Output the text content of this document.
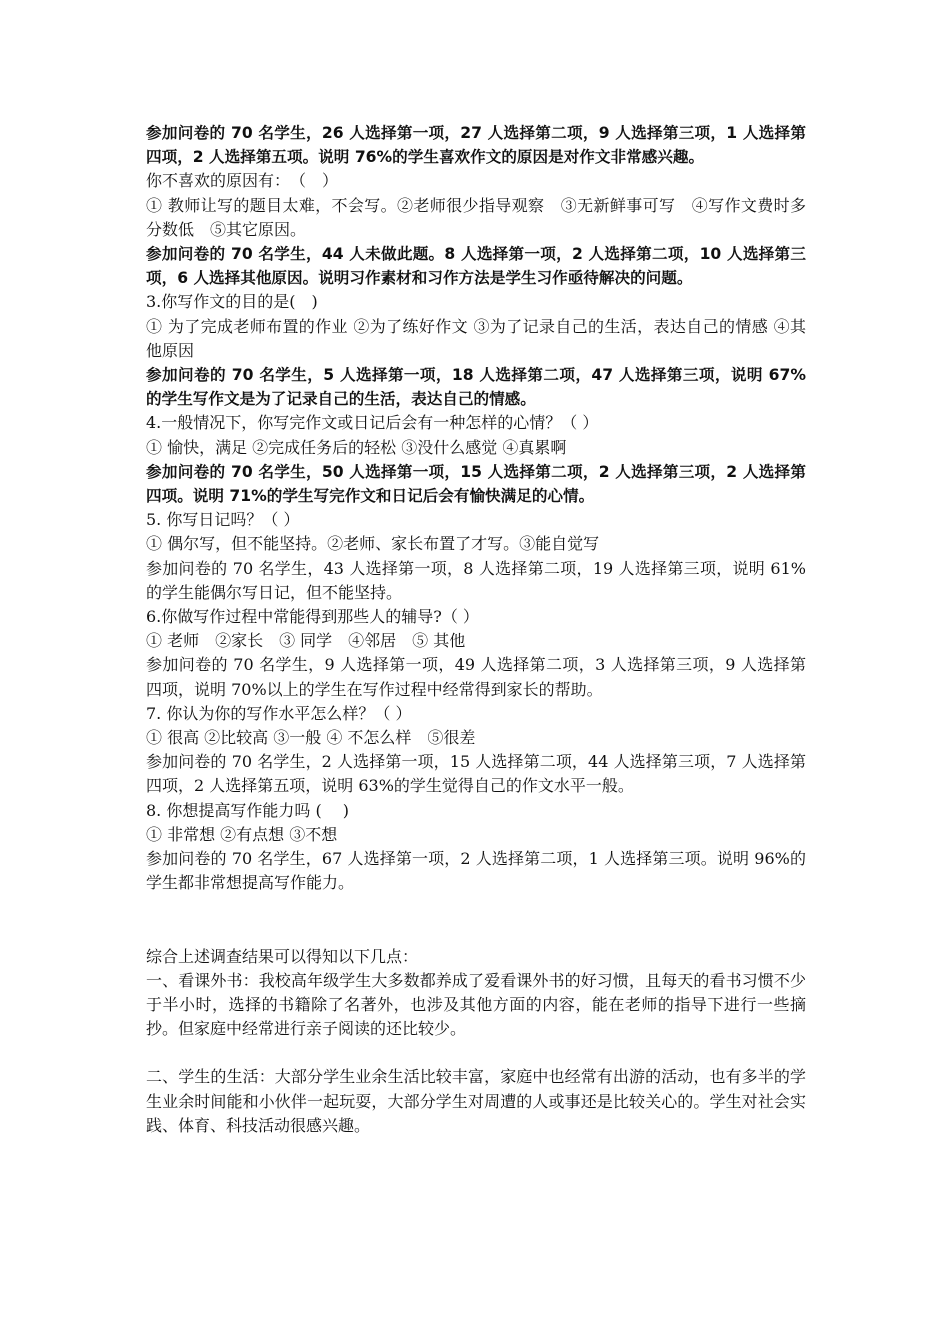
参加问卷的 70 名学生，26 人选择第一项，27 人选择第二项，9 人选择第三项，1 人选择第四项，2 人选择第五项。说明 76%的学生喜欢作文的原因是对作文非常感兴趣。

你不喜欢的原因有：　（　）

① 教师让写的题目太难，不会写。②老师很少指导观察　③无新鲜事可写　④写作文费时多分数低　⑤其它原因。

参加问卷的 70 名学生，44 人未做此题。8 人选择第一项，2 人选择第二项，10 人选择第三项，6 人选择其他原因。说明习作素材和习作方法是学生习作亟待解决的问题。

3.你写作文的目的是(　)

① 为了完成老师布置的作业 ②为了练好作文 ③为了记录自己的生活，表达自己的情感 ④其他原因

参加问卷的 70 名学生，5 人选择第一项，18 人选择第二项，47 人选择第三项，说明 67%的学生写作文是为了记录自己的生活，表达自己的情感。

4.一般情况下，你写完作文或日记后会有一种怎样的心情？（ ）

① 愉快，满足 ②完成任务后的轻松 ③没什么感觉 ④真累啊

参加问卷的 70 名学生，50 人选择第一项，15 人选择第二项，2 人选择第三项，2 人选择第四项。说明 71%的学生写完作文和日记后会有愉快满足的心情。

5. 你写日记吗？（ ）

① 偶尔写，但不能坚持。②老师、家长布置了才写。③能自觉写

参加问卷的 70 名学生，43 人选择第一项，8 人选择第二项，19 人选择第三项，说明 61%的学生能偶尔写日记，但不能坚持。

6.你做写作过程中常能得到那些人的辅导?（ ）

① 老师　②家长　③ 同学　④邻居　⑤ 其他

参加问卷的 70 名学生，9 人选择第一项，49 人选择第二项，3 人选择第三项，9 人选择第四项，说明 70%以上的学生在写作过程中经常得到家长的帮助。

7. 你认为你的写作水平怎么样？（ ）

① 很高 ②比较高 ③一般 ④ 不怎么样　⑤很差

参加问卷的 70 名学生，2 人选择第一项，15 人选择第二项，44 人选择第三项，7 人选择第四项，2 人选择第五项，说明 63%的学生觉得自己的作文水平一般。

8. 你想提高写作能力吗 (　 )

① 非常想 ②有点想 ③不想

参加问卷的 70 名学生，67 人选择第一项，2 人选择第二项，1 人选择第三项。说明 96%的学生都非常想提高写作能力。

综合上述调查结果可以得知以下几点：

一、看课外书：我校高年级学生大多数都养成了爱看课外书的好习惯，且每天的看书习惯不少于半小时，选择的书籍除了名著外，也涉及其他方面的内容，能在老师的指导下进行一些摘抄。但家庭中经常进行亲子阅读的还比较少。

二、学生的生活：大部分学生业余生活比较丰富，家庭中也经常有出游的活动，也有多半的学生业余时间能和小伙伴一起玩耍，大部分学生对周遭的人或事还是比较关心的。学生对社会实践、体育、科技活动很感兴趣。
